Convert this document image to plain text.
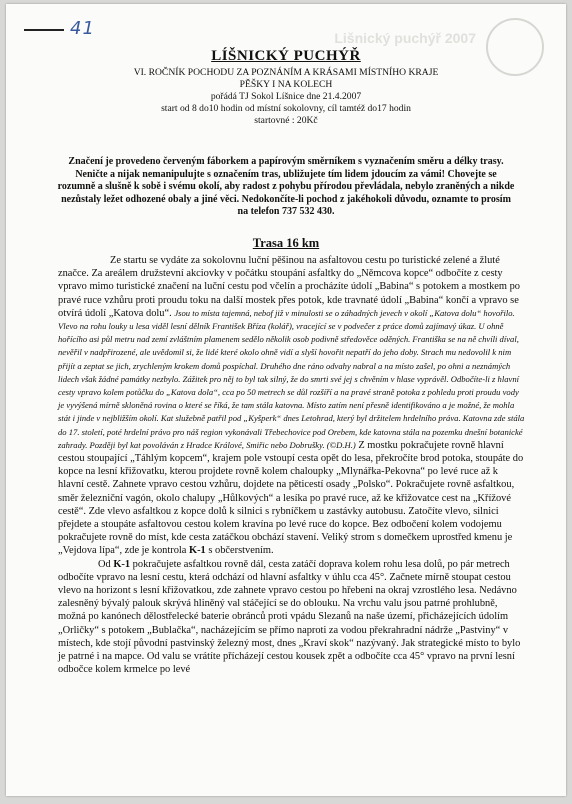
41	Lišnický puchýř 2007
LÍŠNICKÝ PUCHÝŘ
VI. ROČNÍK POCHODU ZA POZNÁNÍM A KRÁSAMI MÍSTNÍHO KRAJE
PĚŠKY I NA KOLECH
pořádá TJ Sokol Líšnice dne 21.4.2007
start od 8 do10 hodin od místní sokolovny, cíl tamtéž do17 hodin
startovné : 20Kč
Značení je provedeno červeným fáborkem a papírovým směrníkem s vyznačením směru a délky trasy. Neničte a nijak nemanipulujte s označením tras, ubližujete tím lidem jdoucím za vámi! Chovejte se rozumně a slušně k sobě i svému okolí, aby radost z pohybu přírodou převládala, nebylo zraněných a nikde nezůstaly ležet odhozené obaly a jiné věci. Nedokončíte-li pochod z jakéhokoli důvodu, oznamte to prosím na telefon 737 532 430.
Trasa 16 km

Ze startu se vydáte za sokolovnu luční pěšinou na asfaltovou cestu po turistické zelené a žluté značce. Za areálem družstevní akciovky v počátku stoupání asfaltky do „Němcova kopce“ odbočíte z cesty vpravo mimo turistické značení na luční cestu pod včelín a procházíte údolí „Babina“ s potokem a mostkem po pravé ruce vzhůru proti proudu toku na další mostek přes potok, kde travnaté údolí „Babina“ končí a vpravo se otvírá údolí „Katova dolu“. Jsou to místa tajemná, nebof již v minulosti se o záhadných jevech v okolí „Katova dolu“ hovořilo. Vlevo na rohu louky u lesa viděl lesní dělník František Bříza (kolář), vracející se v podvečer z práce domů zajímavý úkaz. U ohně hořícího asi půl metru nad zemí zvláštním plamenem sedělo několik osob podivně středověce oděných. Františka se na ně chvíli díval, nevěřil v nadpřirozené, ale uvědomil si, že lidé které okolo ohně vidí a slyší hovořit nepatří do jeho doby. Strach mu nedovolil k nim přijít a zeptat se jich, zrychleným krokem domů pospíchal. Druhého dne ráno odvahy nabral a na místo zašel, po ohni a neznámých lidech však žádné památky nezbylo. Zážitek pro něj to byl tak silný, že do smrti své jej s chvěním v hlase vyprávěl. Odbočíte-li z hlavní cesty vpravo kolem potůčku do „Katova dola“, cca po 50 metrech se důl rozšíří a na pravé straně potoka z pohledu proti proudu vody je vyvýšená mírně skloněná rovina o které se říká, že tam stála katovna. Místo zatím není přesně identifikováno a je možné, že mohla stát i jinde v nejbližším okolí. Kat služebně patřil pod „Kyšperk“ dnes Letohrad, který byl držitelem hrdelního práva. Katovna zde stála do 17. století, poté hrdelní právo pro náš region vykonávali Třebechovice pod Orebem, kde katovna stála na pozemku dnešní botanické zahrady. Později byl kat povoláván z Hradce Králové, Smiřic nebo Dobrušky. (©D.H.) Z mostku pokračujete rovně hlavní cestou stoupající „Táhlým kopcem“, krajem pole vstoupí cesta opět do lesa, překročíte brod potoka, stoupáte do kopce na lesní křižovatku, kterou projdete rovně kolem chaloupky „Mlynářka-Pekovna“ po levé ruce až k hlavní cestě. Zahnete vpravo cestou vzhůru, dojdete na pěticestí osady „Polsko“. Pokračujete rovně asfaltkou, směr železniční vagón, okolo chalupy „Hůlkových“ a lesíka po pravé ruce, až ke křižovatce cest na „Křížové cestě“. Zde vlevo asfaltkou z kopce dolů k silnici s rybníčkem u zastávky autobusu. Zatočíte vlevo, silnici přejdete a stoupáte asfaltovou cestou kolem kravína po levé ruce do kopce. Bez odbočení kolem vodojemu pokračujete rovně do míst, kde cesta zatáčkou obchází stavení. Veliký strom s domečkem uprostřed kmenu je „Vejdova lípa“, zde je kontrola K-1 s občerstvením.

Od K-1 pokračujete asfaltkou rovně dál, cesta zatáčí doprava kolem rohu lesa dolů, po pár metrech odbočíte vpravo na lesní cestu, která odchází od hlavní asfaltky v úhlu cca 45°. Začnete mírně stoupat cestou vlevo na horizont s lesní křižovatkou, zde zahnete vpravo cestou po hřebeni na okraj vzrostlého lesa. Nedávno zalesněný bývalý palouk skrývá hliněný val stáčející se do oblouku. Na vrchu valu jsou patrné prohlubně, možná po kanónech dělostřelecké baterie obránců proti vpádu Slezanů na naše území, přicházejících údolím „Orličky“ s potokem „Bublačka“, nacházejícím se přímo naproti za vodou překrahradní nádrže „Pastviny“ v místech, kde stojí původní pastvinský železný most, dnes „Kraví skok“ nazývaný. Jak strategické místo to bylo je patrné i na mapce. Od valu se vrátíte přícházejí cestou kousek zpět a odbočíte cca 45° vpravo na první lesní odbočce kolem krmelce po levé
